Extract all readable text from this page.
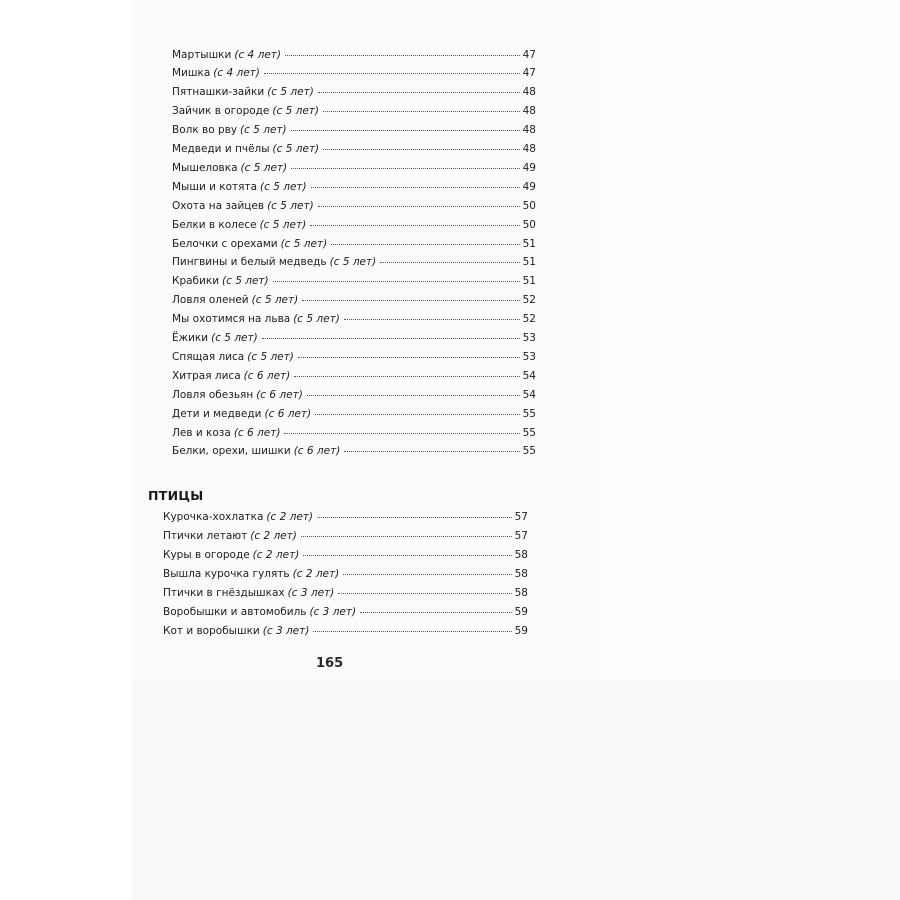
Мартышки (с 4 лет)	47
Мишка (с 4 лет)	47
Пятнашки-зайки (с 5 лет)	48
Зайчик в огороде (с 5 лет)	48
Волк во рву (с 5 лет)	48
Медведи и пчёлы (с 5 лет)	48
Мышеловка (с 5 лет)	49
Мыши и котята (с 5 лет)	49
Охота на зайцев (с 5 лет)	50
Белки в колесе (с 5 лет)	50
Белочки с орехами (с 5 лет)	51
Пингвины и белый медведь (с 5 лет)	51
Крабики (с 5 лет)	51
Ловля оленей (с 5 лет)	52
Мы охотимся на льва (с 5 лет)	52
Ёжики (с 5 лет)	53
Спящая лиса (с 5 лет)	53
Хитрая лиса (с 6 лет)	54
Ловля обезьян (с 6 лет)	54
Дети и медведи (с 6 лет)	55
Лев и коза (с 6 лет)	55
Белки, орехи, шишки (с 6 лет)	55
ПТИЦЫ
Курочка-хохлатка (с 2 лет)	57
Птички летают (с 2 лет)	57
Куры в огороде (с 2 лет)	58
Вышла курочка гулять (с 2 лет)	58
Птички в гнёздышках (с 3 лет)	58
Воробышки и автомобиль (с 3 лет)	59
Кот и воробышки (с 3 лет)	59
165
